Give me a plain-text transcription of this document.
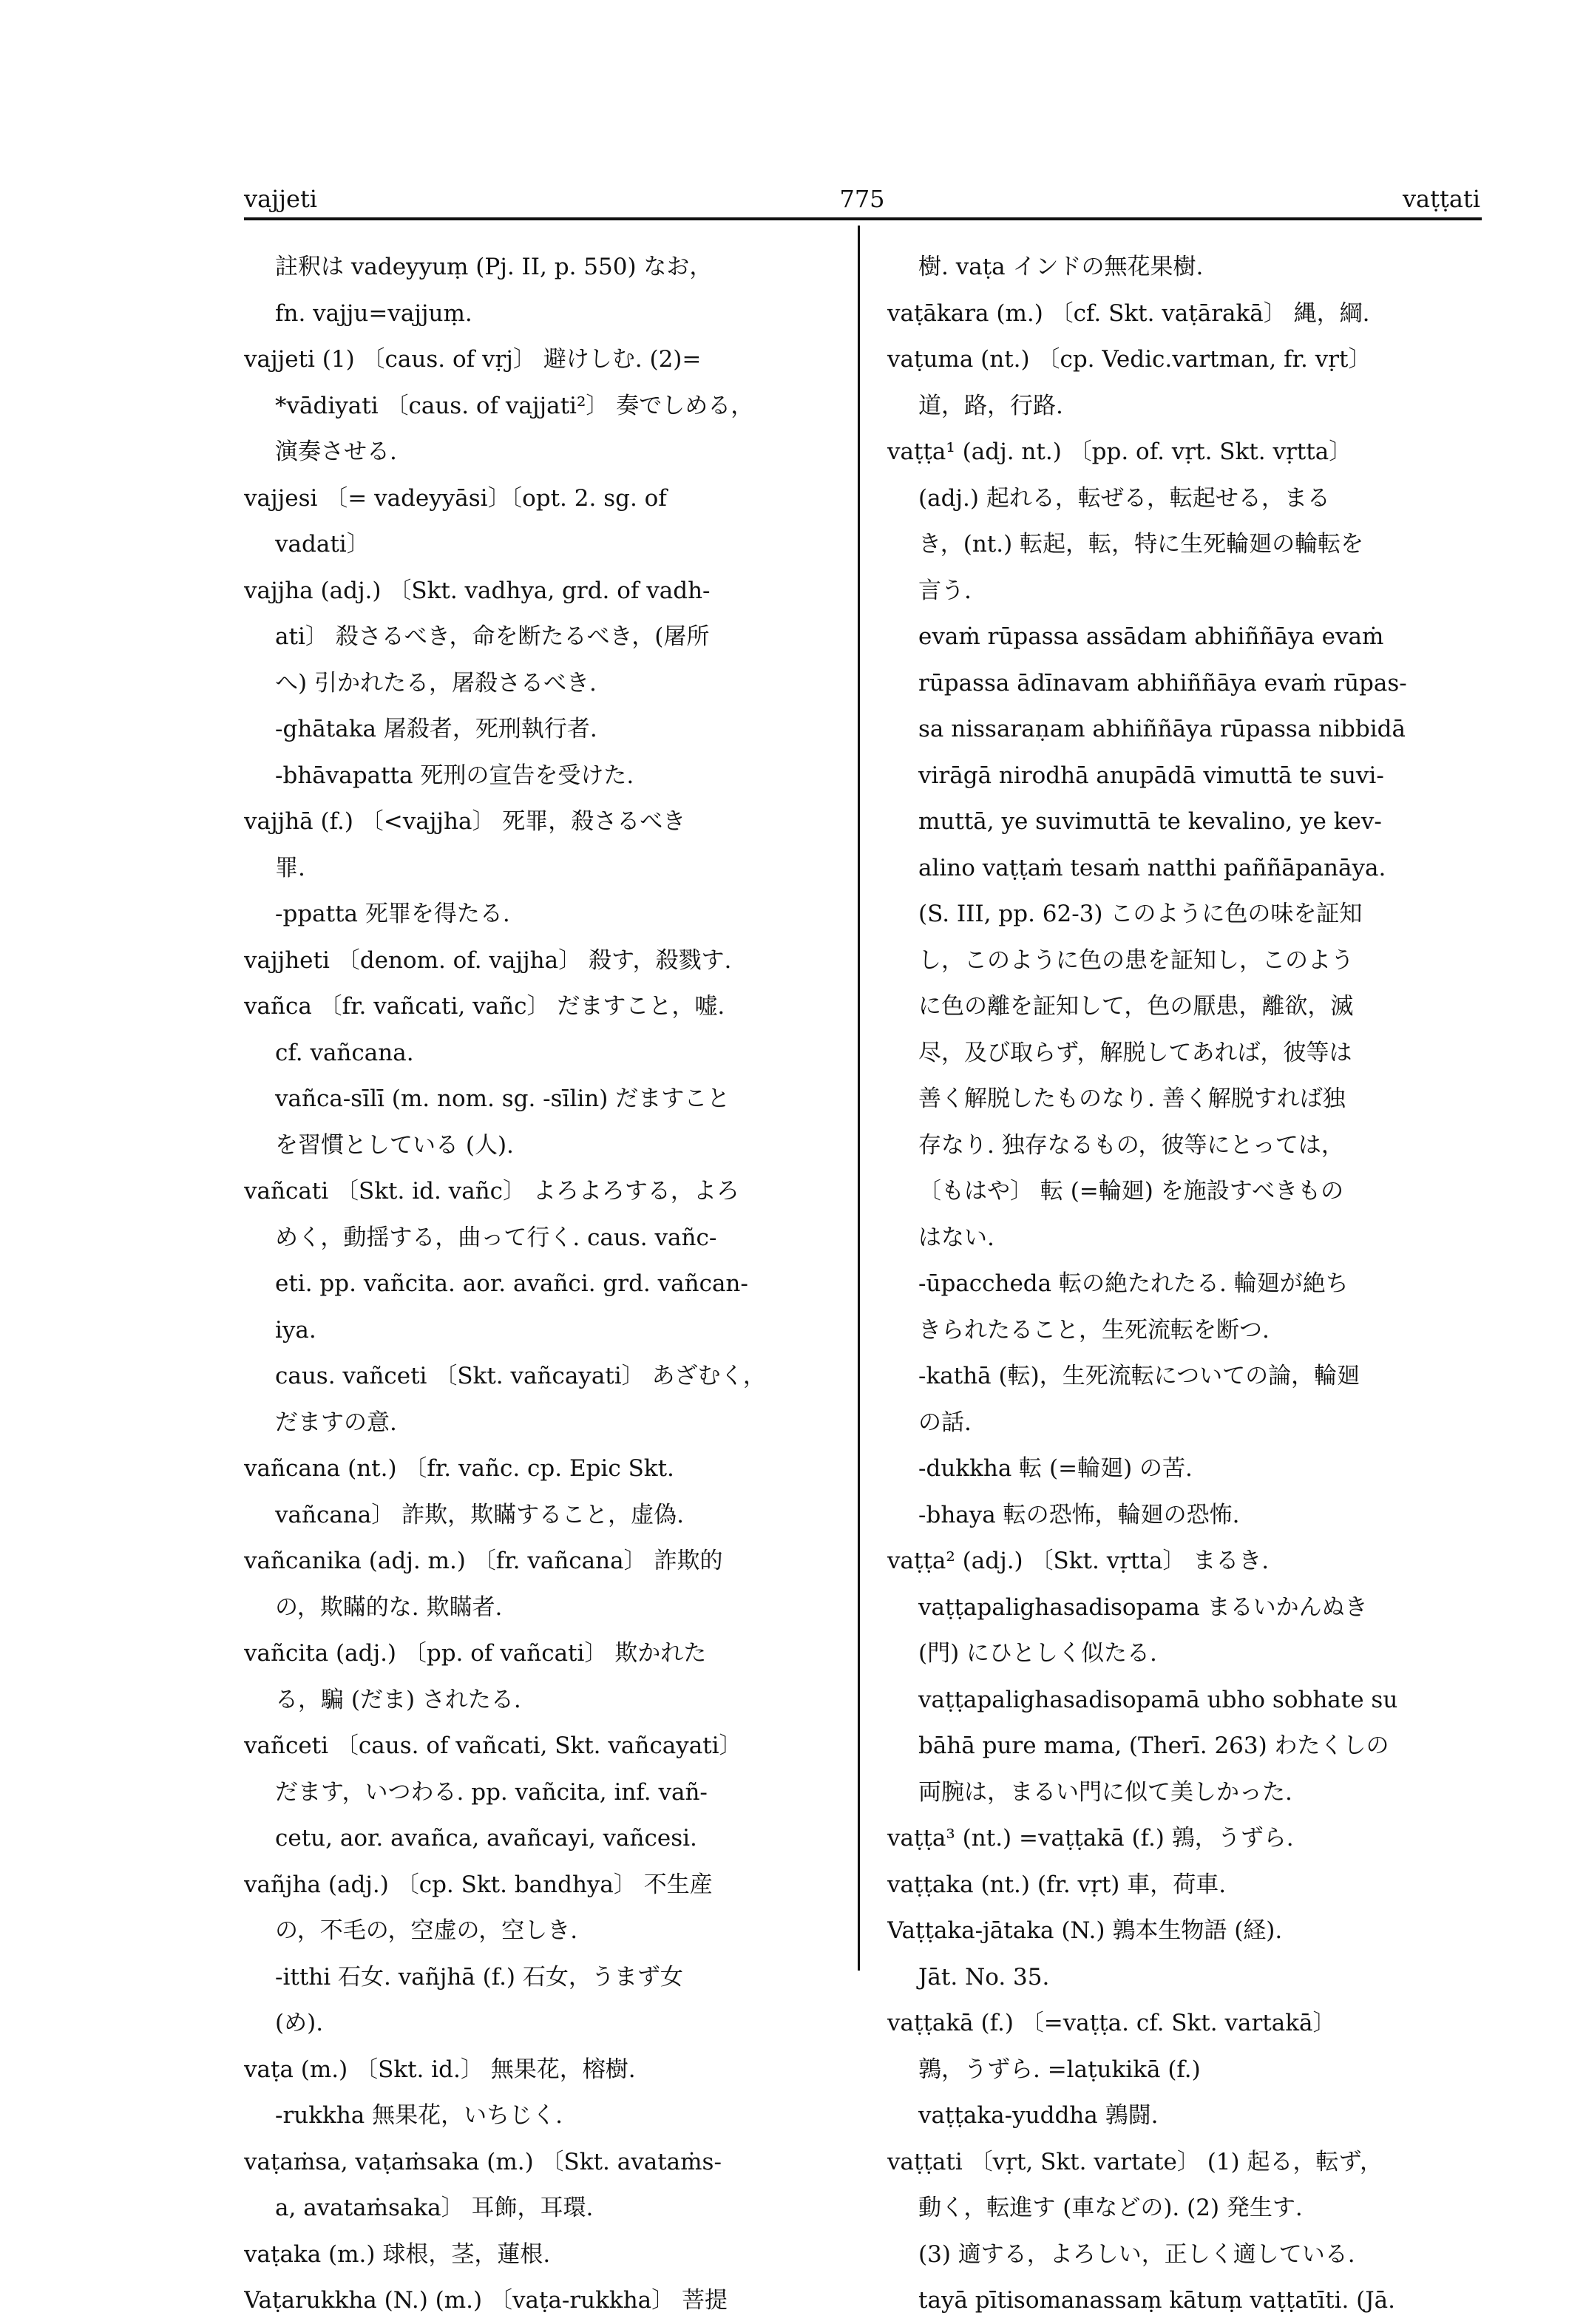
vajjeti	775	vaṭṭati
註釈は vadeyyuṃ (Pj. II, p. 550) なお，
fn. vajju=vajjuṃ.
vajjeti (1) 〔caus. of vṛj〕 避けしむ. (2)=
*vādiyati 〔caus. of vajjati²〕 奏でしめる，
演奏させる.
vajjesi 〔= vadeyyāsi〕〔opt. 2. sg. of
vadati〕
vajjha (adj.) 〔Skt. vadhya, grd. of vadh-
ati〕 殺さるべき，命を断たるべき，(屠所
へ) 引かれたる，屠殺さるべき.
-ghātaka 屠殺者，死刑執行者.
-bhāvapatta 死刑の宣告を受けた.
vajjhā (f.) 〔<vajjha〕 死罪，殺さるべき
罪.
-ppatta 死罪を得たる.
vajjheti 〔denom. of. vajjha〕 殺す，殺戮す.
vañca 〔fr. vañcati, vañc〕 だますこと，嘘.
cf. vañcana.
vañca-sīlī (m. nom. sg. -sīlin) だますこと
を習慣としている (人).
vañcati 〔Skt. id. vañc〕 よろよろする，よろ
めく，動揺する，曲って行く. caus. vañc-
eti. pp. vañcita. aor. avañci. grd. vañcan-
iya.
caus. vañceti 〔Skt. vañcayati〕 あざむく，
だますの意.
vañcana (nt.) 〔fr. vañc. cp. Epic Skt.
vañcana〕 詐欺，欺瞞すること，虚偽.
vañcanika (adj. m.) 〔fr. vañcana〕 詐欺的
の，欺瞞的な. 欺瞞者.
vañcita (adj.) 〔pp. of vañcati〕 欺かれた
る，騙 (だま) されたる.
vañceti 〔caus. of vañcati, Skt. vañcayati〕
だます，いつわる. pp. vañcita, inf. vañ-
cetu, aor. avañca, avañcayi, vañcesi.
vañjha (adj.) 〔cp. Skt. bandhya〕 不生産
の，不毛の，空虚の，空しき.
-itthi 石女. vañjhā (f.) 石女，うまず女
(め).
vaṭa (m.) 〔Skt. id.〕 無果花，榕樹.
-rukkha 無果花，いちじく.
vaṭaṁsa, vaṭaṁsaka (m.) 〔Skt. avataṁs-
a, avataṁsaka〕 耳飾，耳環.
vaṭaka (m.) 球根，茎，蓮根.
Vaṭarukkha (N.) (m.) 〔vaṭa-rukkha〕 菩提
樹. vaṭa インドの無花果樹.
vaṭākara (m.) 〔cf. Skt. vaṭārakā〕 縄，綱.
vaṭuma (nt.) 〔cp. Vedic.vartman, fr. vṛt〕
道，路，行路.
vaṭṭa¹ (adj. nt.) 〔pp. of. vṛt. Skt. vṛtta〕
(adj.) 起れる，転ぜる，転起せる，まる
き，(nt.) 転起，転，特に生死輪廻の輪転を
言う.
evaṁ rūpassa assādam abhiññāya evaṁ
rūpassa ādīnavam abhiññāya evaṁ rūpas-
sa nissaraṇam abhiññāya rūpassa nibbidā
virāgā nirodhā anupādā vimuttā te suvi-
muttā, ye suvimuttā te kevalino, ye kev-
alino vaṭṭaṁ tesaṁ natthi paññāpanāya.
(S. III, pp. 62-3) このように色の味を証知
し，このように色の患を証知し，このよう
に色の離を証知して，色の厭患，離欲，滅
尽，及び取らず，解脱してあれば，彼等は
善く解脱したものなり. 善く解脱すれば独
存なり. 独存なるもの，彼等にとっては，
〔もはや〕 転 (=輪廻) を施設すべきもの
はない.
-ūpaccheda 転の絶たれたる. 輪廻が絶ち
きられたること，生死流転を断つ.
-kathā (転)，生死流転についての論，輪廻
の話.
-dukkha 転 (=輪廻) の苦.
-bhaya 転の恐怖，輪廻の恐怖.
vaṭṭa² (adj.) 〔Skt. vṛtta〕 まるき.
vaṭṭapalighasadisopama まるいかんぬき
(門) にひとしく似たる.
vaṭṭapalighasadisopamā ubho sobhate su
bāhā pure mama, (Therī. 263) わたくしの
両腕は，まるい門に似て美しかった.
vaṭṭa³ (nt.) =vaṭṭakā (f.) 鶉，うずら.
vaṭṭaka (nt.) (fr. vṛt) 車，荷車.
Vaṭṭaka-jātaka (N.) 鶉本生物語 (経).
Jāt. No. 35.
vaṭṭakā (f.) 〔=vaṭṭa. cf. Skt. vartakā〕
鶉，うずら. =laṭukikā (f.)
vaṭṭaka-yuddha 鶉闘.
vaṭṭati 〔vṛt, Skt. vartate〕 (1) 起る，転ず，
動く，転進す (車などの). (2) 発生す.
(3) 適する，よろしい，正しく適している.
tayā pītisomanassaṃ kātuṃ vaṭṭatīti. (Jā.
